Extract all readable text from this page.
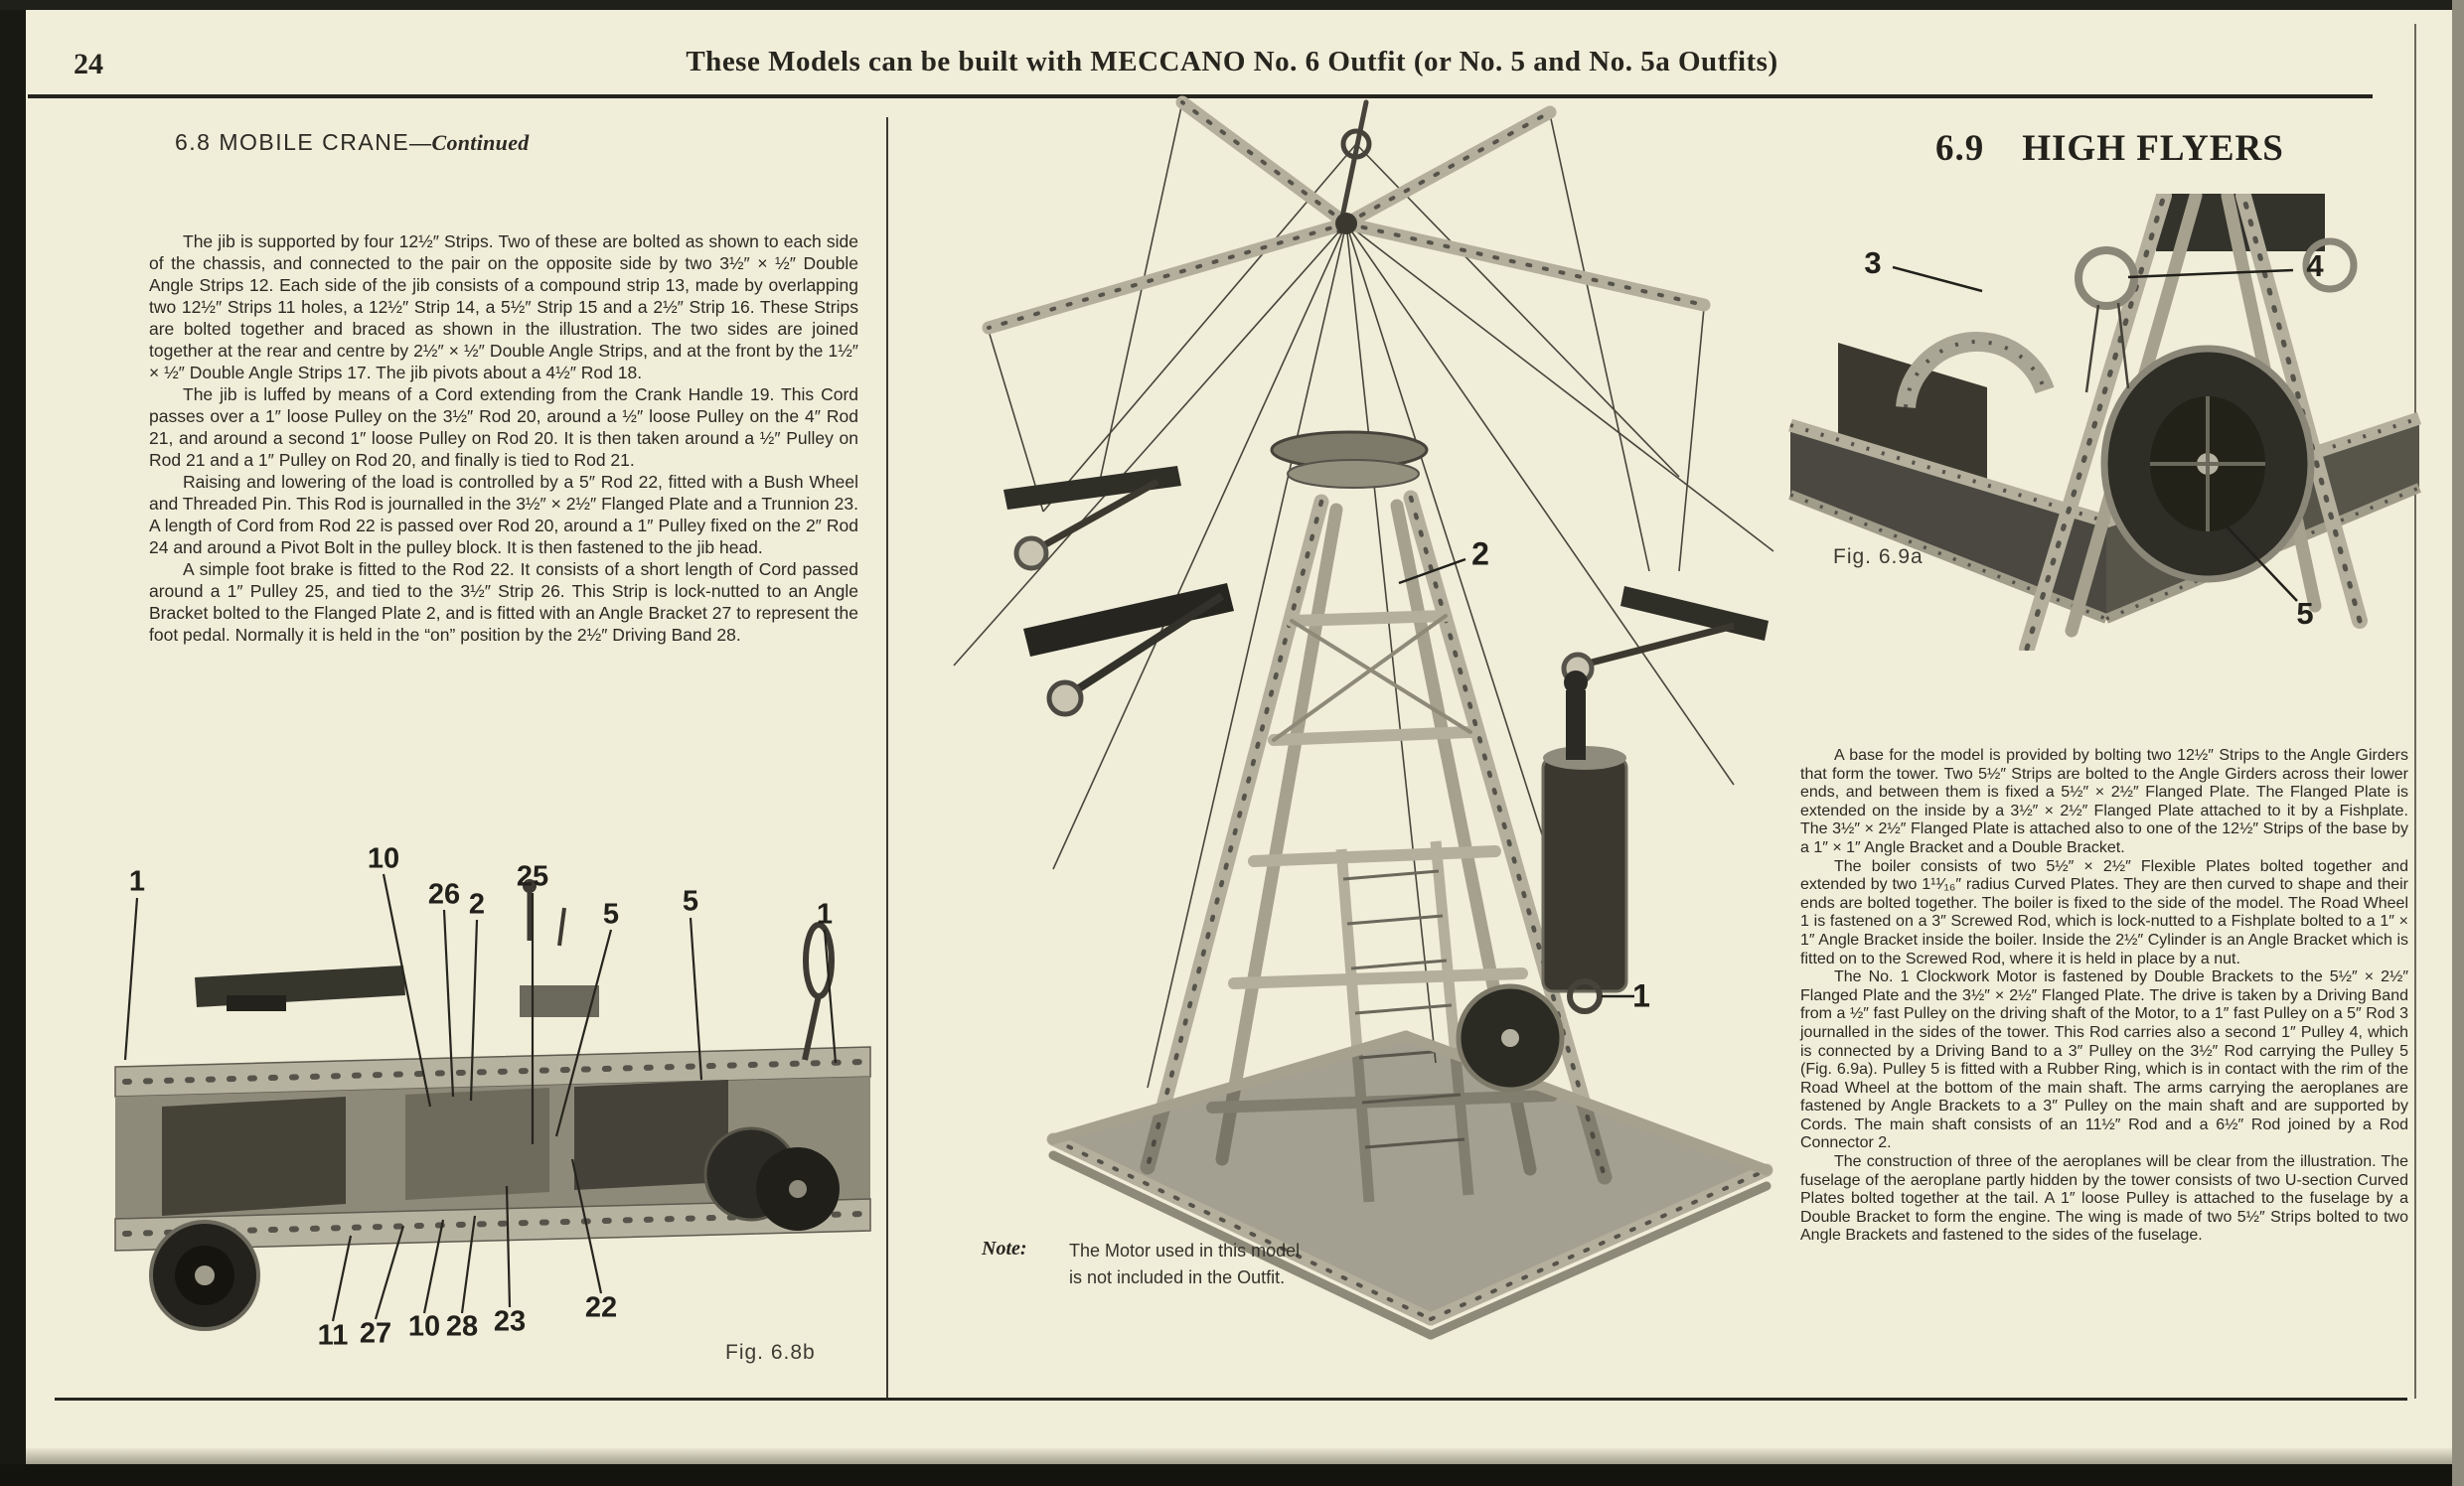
24	These Models can be built with MECCANO No. 6 Outfit (or No. 5 and No. 5a Outfits)
6.8 MOBILE CRANE—Continued

The jib is supported by four 12½″ Strips. Two of these are bolted as shown to each side of the chassis, and connected to the pair on the opposite side by two 3½″ × ½″ Double Angle Strips 12. Each side of the jib consists of a compound strip 13, made by overlapping two 12½″ Strips 11 holes, a 12½″ Strip 14, a 5½″ Strip 15 and a 2½″ Strip 16. These Strips are bolted together and braced as shown in the illustration. The two sides are joined together at the rear and centre by 2½″ × ½″ Double Angle Strips, and at the front by the 1½″ × ½″ Double Angle Strips 17. The jib pivots about a 4½″ Rod 18.

The jib is luffed by means of a Cord extending from the Crank Handle 19. This Cord passes over a 1″ loose Pulley on the 3½″ Rod 20, around a ½″ loose Pulley on the 4″ Rod 21, and around a second 1″ loose Pulley on Rod 20. It is then taken around a ½″ Pulley on Rod 21 and a 1″ Pulley on Rod 20, and finally is tied to Rod 21.

Raising and lowering of the load is controlled by a 5″ Rod 22, fitted with a Bush Wheel and Threaded Pin. This Rod is journalled in the 3½″ × 2½″ Flanged Plate and a Trunnion 23. A length of Cord from Rod 22 is passed over Rod 20, around a 1″ Pulley fixed on the 2″ Rod 24 and around a Pivot Bolt in the pulley block. It is then fastened to the jib head.

A simple foot brake is fitted to the Rod 22. It consists of a short length of Cord passed around a 1″ Pulley 25, and tied to the 3½″ Strip 26. This Strip is lock-nutted to an Angle Bracket bolted to the Flanged Plate 2, and is fitted with an Angle Bracket 27 to represent the foot pedal. Normally it is held in the “on” position by the 2½″ Driving Band 28.

1
10
26 2
25
5 5	1
11 27 10 28 23 22
Fig. 6.8b
2
1
Note: The Motor used in this model is not included in the Outfit.
6.9 HIGH FLYERS
3	4
5
Fig. 6.9a

A base for the model is provided by bolting two 12½″ Strips to the Angle Girders that form the tower. Two 5½″ Strips are bolted to the Angle Girders across their lower ends, and between them is fixed a 5½″ × 2½″ Flanged Plate. The Flanged Plate is extended on the inside by a 3½″ × 2½″ Flanged Plate attached to it by a Fishplate. The 3½″ × 2½″ Flanged Plate is attached also to one of the 12½″ Strips of the base by a 1″ × 1″ Angle Bracket and a Double Bracket.

The boiler consists of two 5½″ × 2½″ Flexible Plates bolted together and extended by two 1¹¹⁄₁₆″ radius Curved Plates. They are then curved to shape and their ends are bolted together. The boiler is fixed to the side of the model. The Road Wheel 1 is fastened on a 3″ Screwed Rod, which is lock-nutted to a Fishplate bolted to a 1″ × 1″ Angle Bracket inside the boiler. Inside the 2½″ Cylinder is an Angle Bracket which is fitted on to the Screwed Rod, where it is held in place by a nut.

The No. 1 Clockwork Motor is fastened by Double Brackets to the 5½″ × 2½″ Flanged Plate and the 3½″ × 2½″ Flanged Plate. The drive is taken by a Driving Band from a ½″ fast Pulley on the driving shaft of the Motor, to a 1″ fast Pulley on a 5″ Rod 3 journalled in the sides of the tower. This Rod carries also a second 1″ Pulley 4, which is connected by a Driving Band to a 3″ Pulley on the 3½″ Rod carrying the Pulley 5 (Fig. 6.9a). Pulley 5 is fitted with a Rubber Ring, which is in contact with the rim of the Road Wheel at the bottom of the main shaft. The arms carrying the aeroplanes are fastened by Angle Brackets to a 3″ Pulley on the main shaft and are supported by Cords. The main shaft consists of an 11½″ Rod and a 6½″ Rod joined by a Rod Connector 2.

The construction of three of the aeroplanes will be clear from the illustration. The fuselage of the aeroplane partly hidden by the tower consists of two U-section Curved Plates bolted together at the tail. A 1″ loose Pulley is attached to the fuselage by a Double Bracket to form the engine. The wing is made of two 5½″ Strips bolted to two Angle Brackets and fastened to the sides of the fuselage.
